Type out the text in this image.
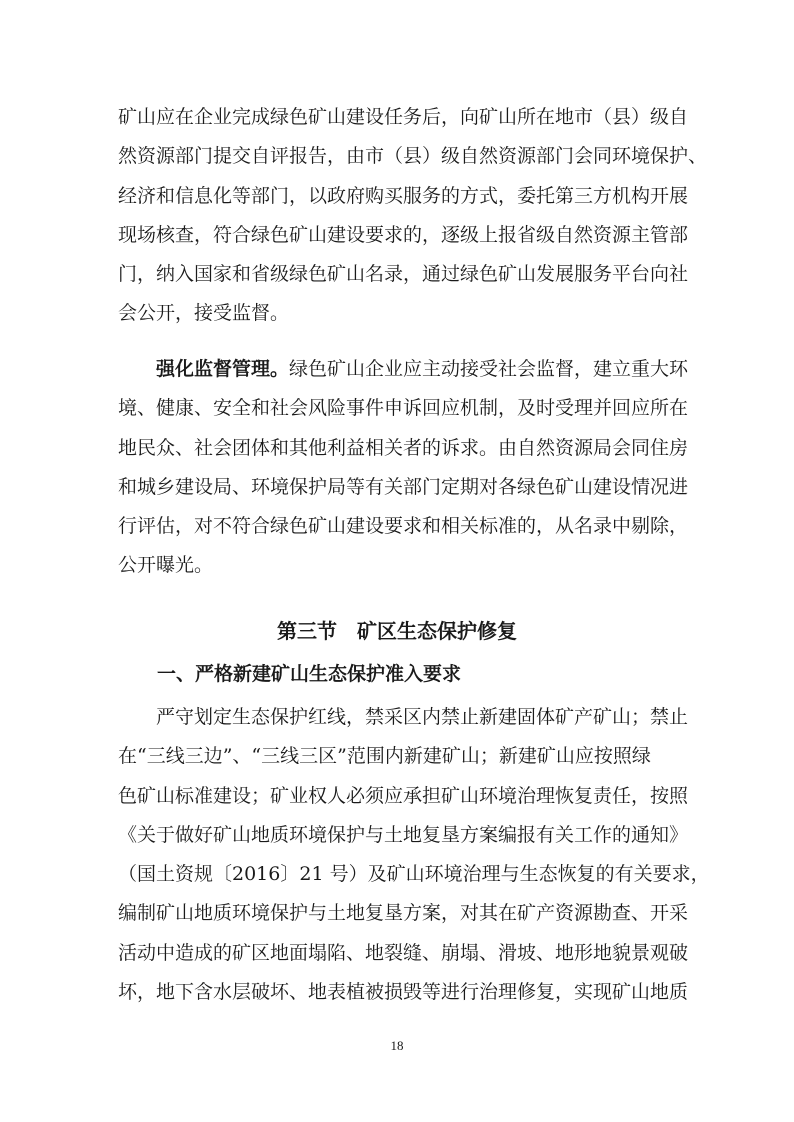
矿山应在企业完成绿色矿山建设任务后，向矿山所在地市（县）级自
然资源部门提交自评报告，由市（县）级自然资源部门会同环境保护、
经济和信息化等部门，以政府购买服务的方式，委托第三方机构开展
现场核查，符合绿色矿山建设要求的，逐级上报省级自然资源主管部
门，纳入国家和省级绿色矿山名录，通过绿色矿山发展服务平台向社
会公开，接受监督。

强化监督管理。绿色矿山企业应主动接受社会监督，建立重大环
境、健康、安全和社会风险事件申诉回应机制，及时受理并回应所在
地民众、社会团体和其他利益相关者的诉求。由自然资源局会同住房
和城乡建设局、环境保护局等有关部门定期对各绿色矿山建设情况进
行评估，对不符合绿色矿山建设要求和相关标准的，从名录中剔除，
公开曝光。

第三节　矿区生态保护修复
一、严格新建矿山生态保护准入要求

严守划定生态保护红线，禁采区内禁止新建固体矿产矿山；禁止
在“三线三边”、“三线三区”范围内新建矿山；新建矿山应按照绿
色矿山标准建设；矿业权人必须应承担矿山环境治理恢复责任，按照
《关于做好矿山地质环境保护与土地复垦方案编报有关工作的通知》
（国土资规〔2016〕21 号）及矿山环境治理与生态恢复的有关要求，
编制矿山地质环境保护与土地复垦方案，对其在矿产资源勘查、开采
活动中造成的矿区地面塌陷、地裂缝、崩塌、滑坡、地形地貌景观破
坏，地下含水层破坏、地表植被损毁等进行治理修复，实现矿山地质

18
